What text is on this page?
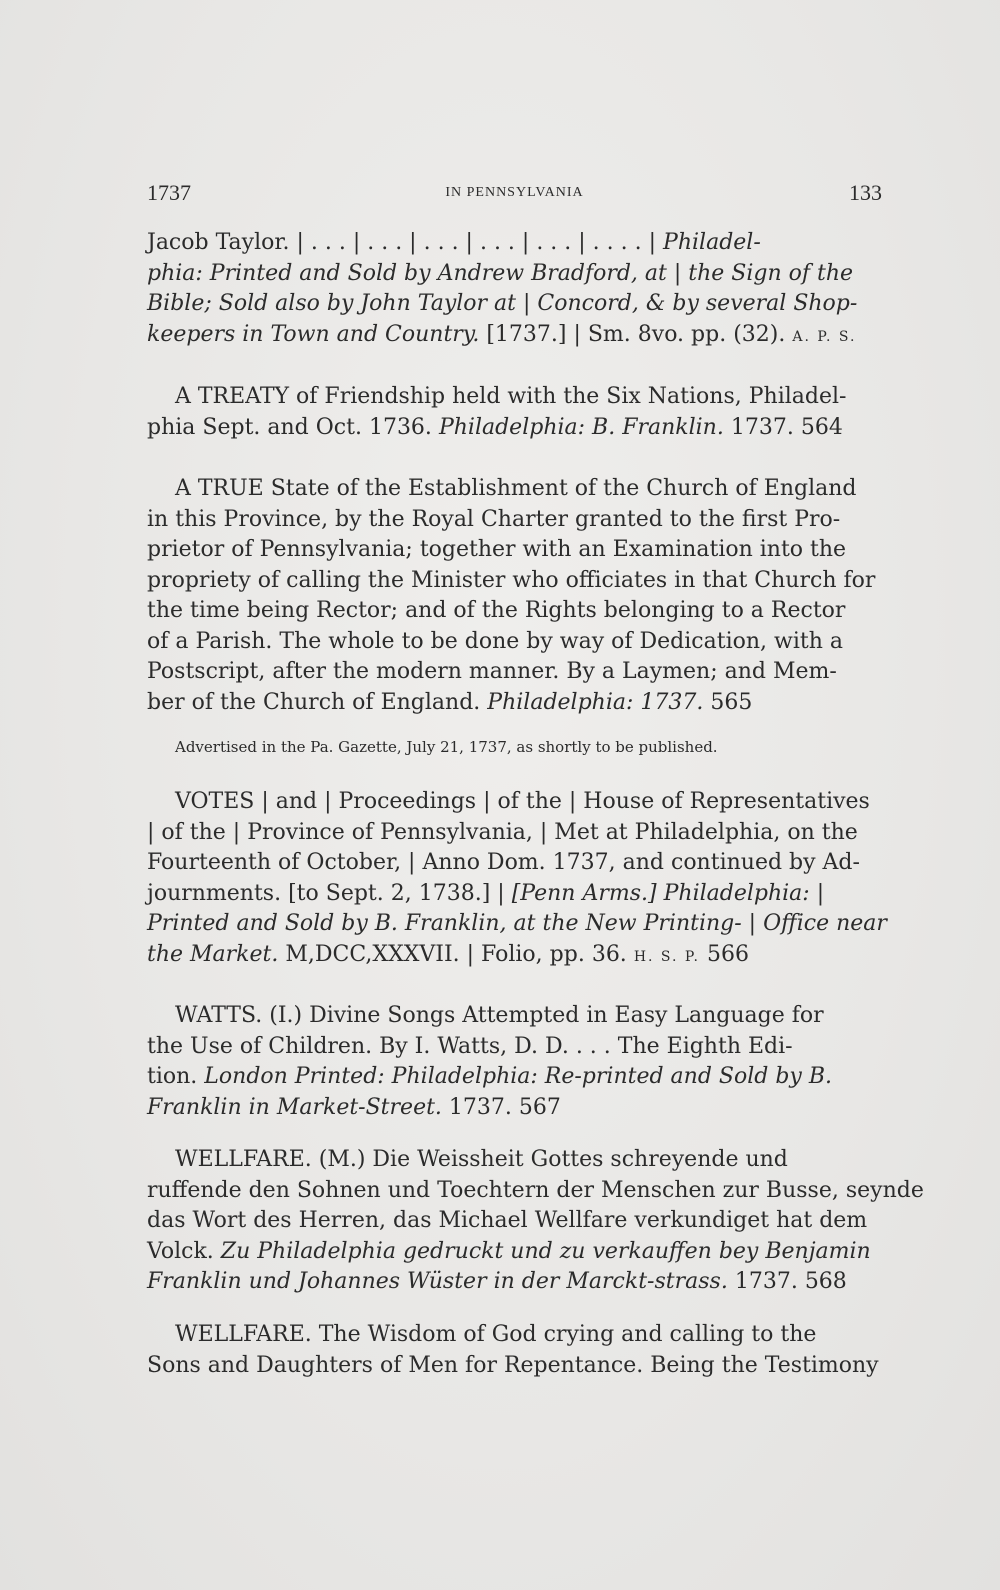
1737	IN PENNSYLVANIA	133
Jacob Taylor. | . . . | . . . | . . . | . . . | . . . | . . . . | Philadel-
phia: Printed and Sold by Andrew Bradford, at | the Sign of the
Bible; Sold also by John Taylor at | Concord, & by several Shop-
keepers in Town and Country. [1737.] | Sm. 8vo. pp. (32). A. P. S.
A TREATY of Friendship held with the Six Nations, Philadel-
phia Sept. and Oct. 1736. Philadelphia: B. Franklin. 1737. 564
A TRUE State of the Establishment of the Church of England
in this Province, by the Royal Charter granted to the first Pro-
prietor of Pennsylvania; together with an Examination into the
propriety of calling the Minister who officiates in that Church for
the time being Rector; and of the Rights belonging to a Rector
of a Parish. The whole to be done by way of Dedication, with a
Postscript, after the modern manner. By a Laymen; and Mem-
ber of the Church of England. Philadelphia: 1737. 565
Advertised in the Pa. Gazette, July 21, 1737, as shortly to be published.
VOTES | and | Proceedings | of the | House of Representatives
| of the | Province of Pennsylvania, | Met at Philadelphia, on the
Fourteenth of October, | Anno Dom. 1737, and continued by Ad-
journments. [to Sept. 2, 1738.] | [Penn Arms.] Philadelphia: |
Printed and Sold by B. Franklin, at the New Printing- | Office near
the Market. M,DCC,XXXVII. | Folio, pp. 36. H. S. P. 566
WATTS. (I.) Divine Songs Attempted in Easy Language for
the Use of Children. By I. Watts, D. D. . . . The Eighth Edi-
tion. London Printed: Philadelphia: Re-printed and Sold by B.
Franklin in Market-Street. 1737. 567
WELLFARE. (M.) Die Weissheit Gottes schreyende und
ruffende den Sohnen und Toechtern der Menschen zur Busse, seynde
das Wort des Herren, das Michael Wellfare verkundiget hat dem
Volck. Zu Philadelphia gedruckt und zu verkauffen bey Benjamin
Franklin und Johannes Wüster in der Marckt-strass. 1737. 568
WELLFARE. The Wisdom of God crying and calling to the
Sons and Daughters of Men for Repentance. Being the Testimony
